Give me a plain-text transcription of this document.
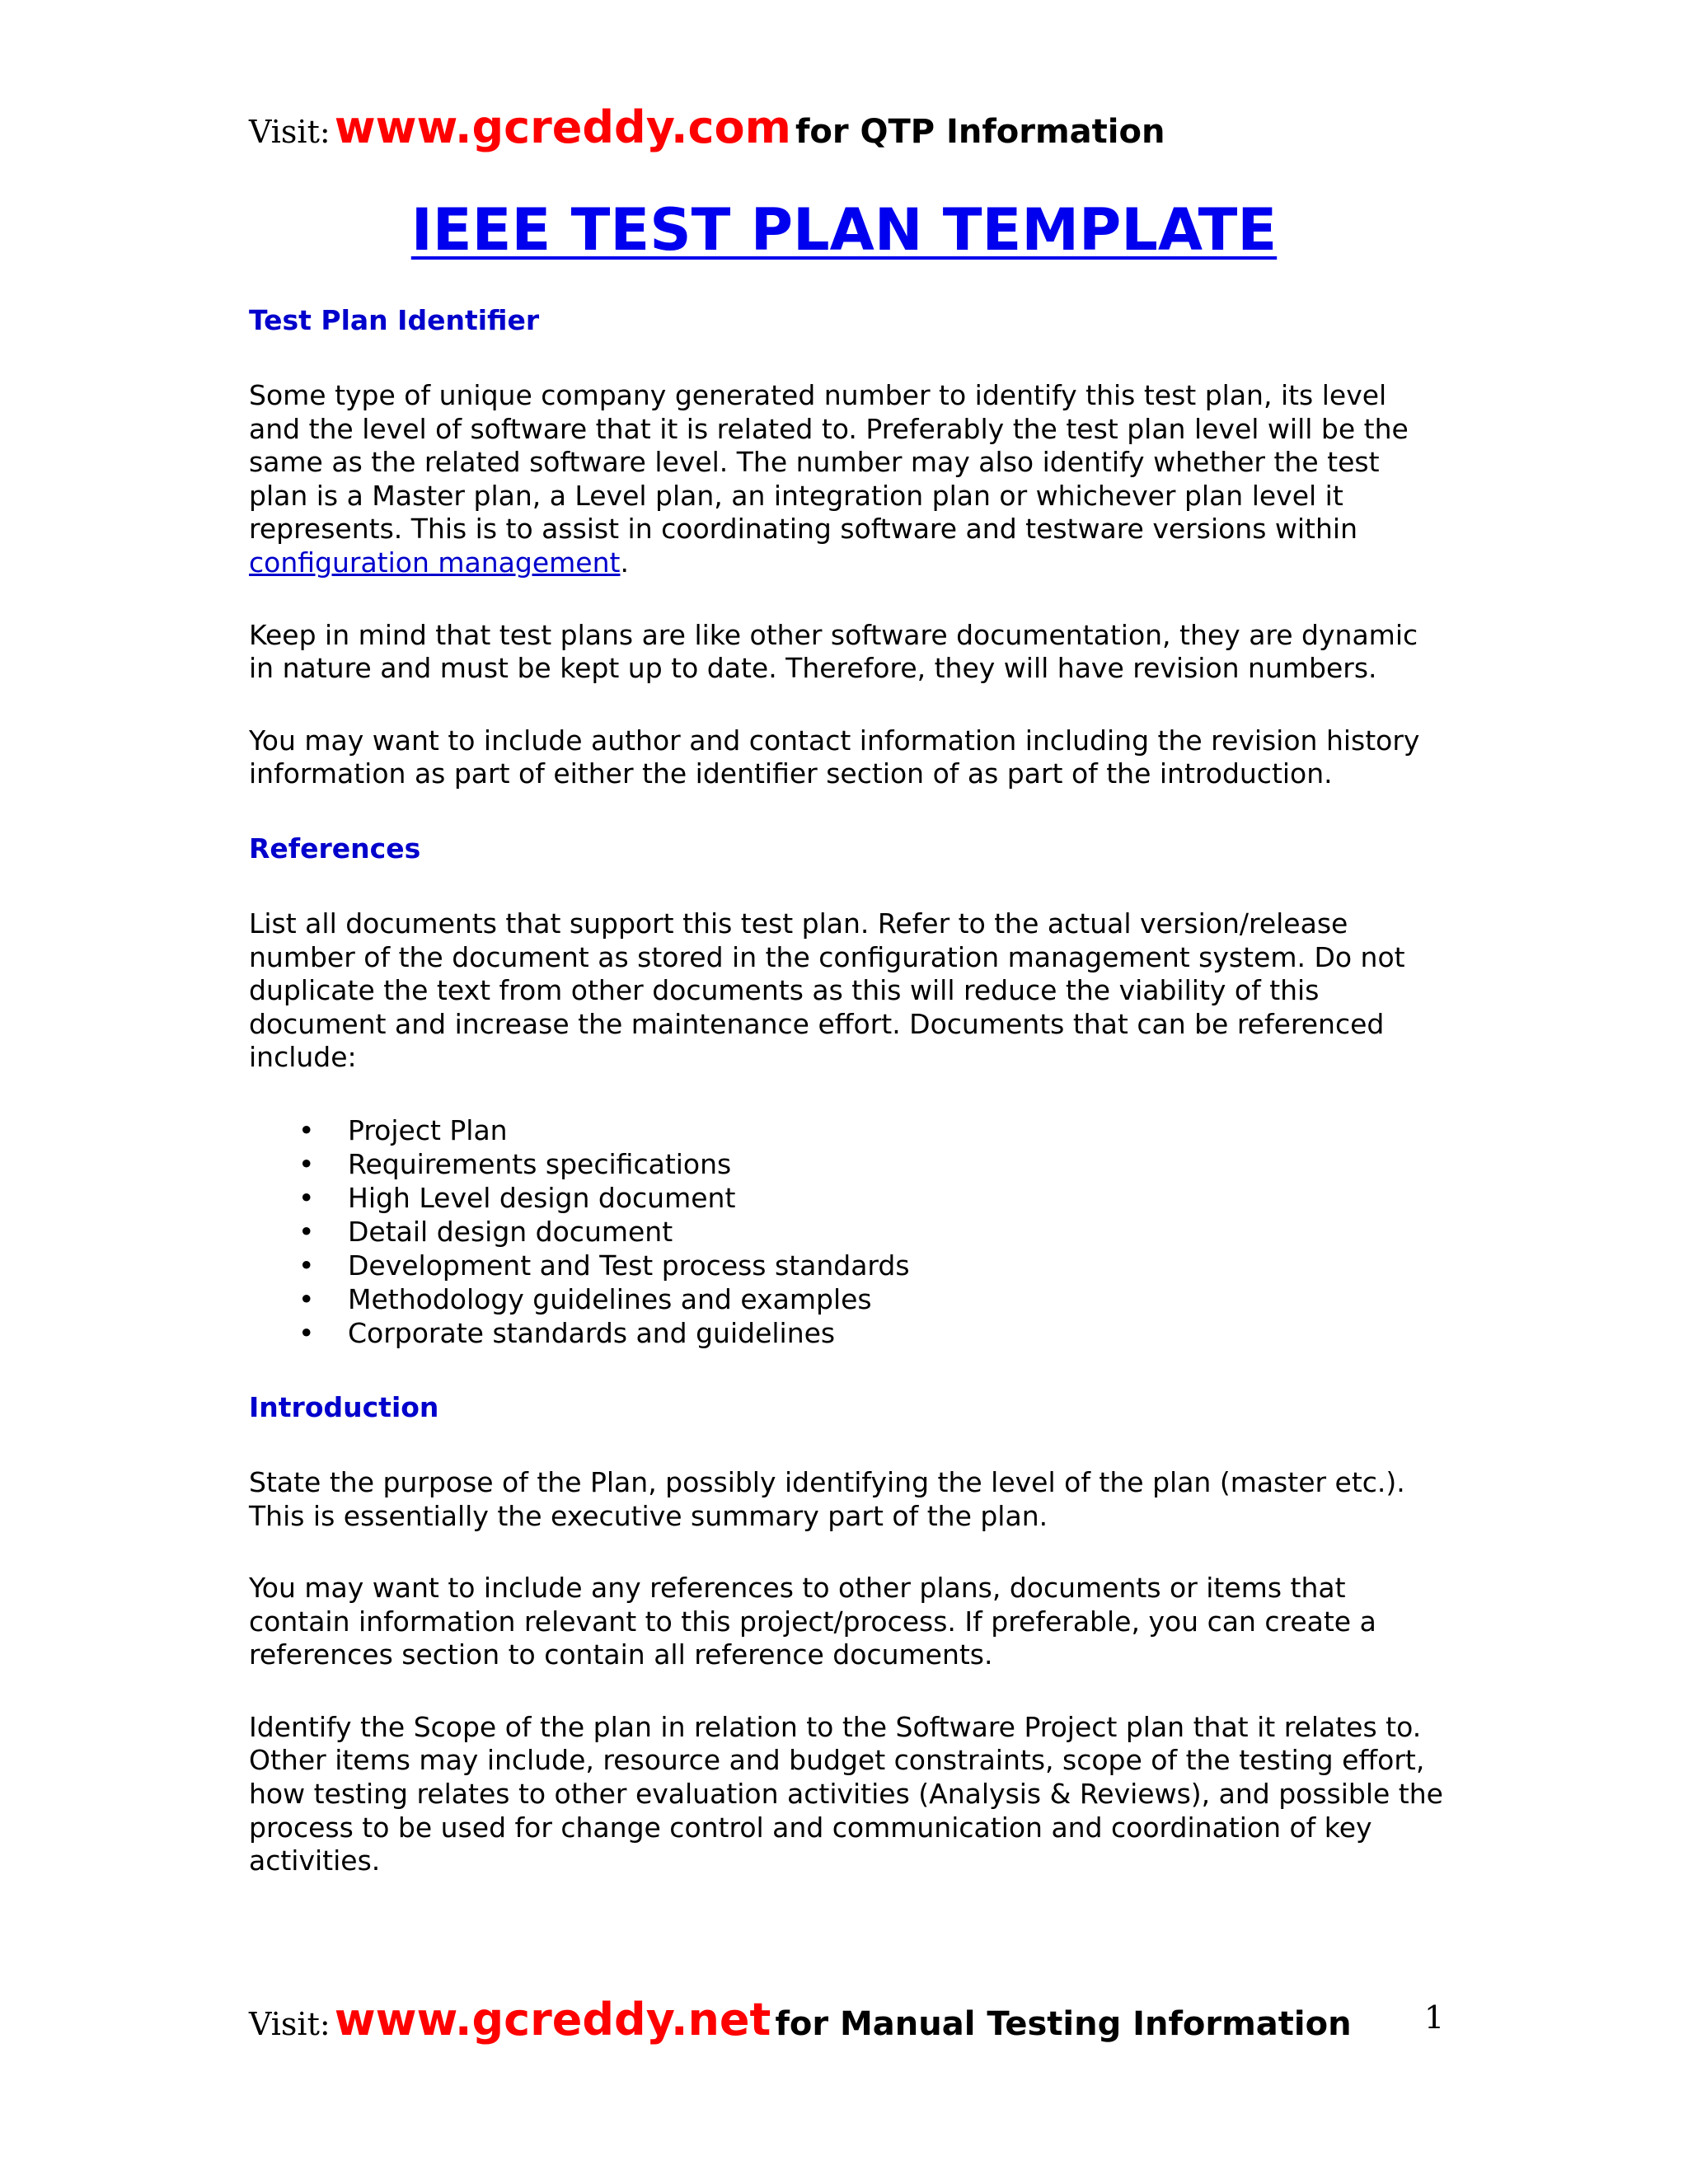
Visit: www.gcreddy.com for QTP Information
IEEE TEST PLAN TEMPLATE
Test Plan Identifier

Some type of unique company generated number to identify this test plan, its level and the level of software that it is related to. Preferably the test plan level will be the same as the related software level. The number may also identify whether the test plan is a Master plan, a Level plan, an integration plan or whichever plan level it represents. This is to assist in coordinating software and testware versions within configuration management.

Keep in mind that test plans are like other software documentation, they are dynamic in nature and must be kept up to date. Therefore, they will have revision numbers.

You may want to include author and contact information including the revision history information as part of either the identifier section of as part of the introduction.

References

List all documents that support this test plan. Refer to the actual version/release number of the document as stored in the configuration management system. Do not duplicate the text from other documents as this will reduce the viability of this document and increase the maintenance effort. Documents that can be referenced include:

• Project Plan
• Requirements specifications
• High Level design document
• Detail design document
• Development and Test process standards
• Methodology guidelines and examples
• Corporate standards and guidelines
Introduction

State the purpose of the Plan, possibly identifying the level of the plan (master etc.). This is essentially the executive summary part of the plan.

You may want to include any references to other plans, documents or items that contain information relevant to this project/process. If preferable, you can create a references section to contain all reference documents.

Identify the Scope of the plan in relation to the Software Project plan that it relates to. Other items may include, resource and budget constraints, scope of the testing effort, how testing relates to other evaluation activities (Analysis & Reviews), and possible the process to be used for change control and communication and coordination of key activities.

Visit: www.gcreddy.net for Manual Testing Information 1
